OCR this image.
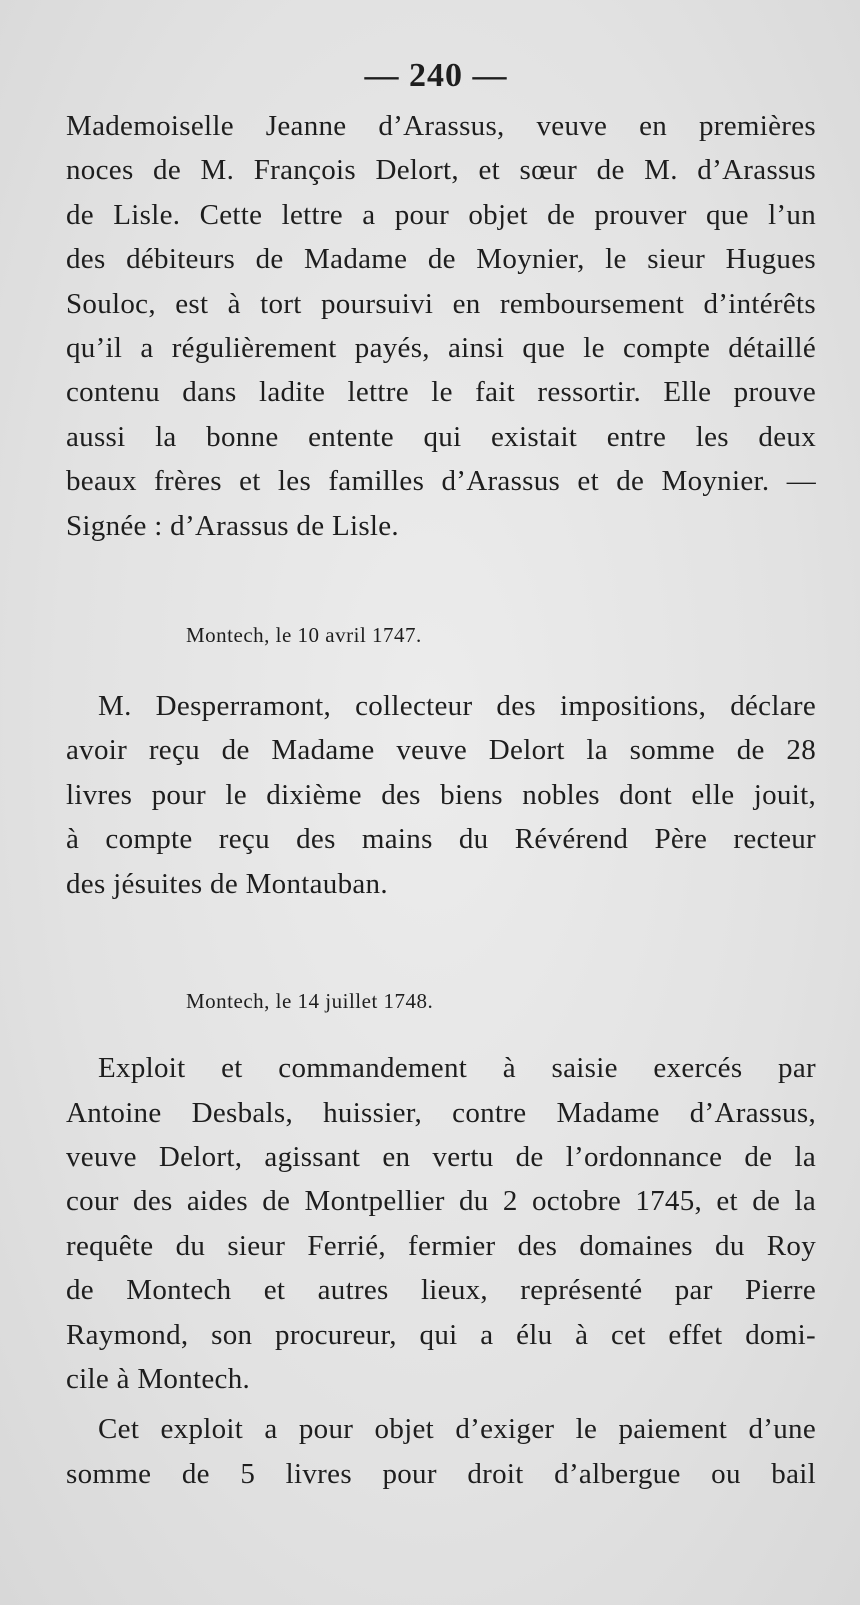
— 240 —

Mademoiselle Jeanne d’Arassus, veuve en premières
noces de M. François Delort, et sœur de M. d’Arassus
de Lisle. Cette lettre a pour objet de prouver que l’un
des débiteurs de Madame de Moynier, le sieur Hugues
Souloc, est à tort poursuivi en remboursement d’intérêts
qu’il a régulièrement payés, ainsi que le compte détaillé
contenu dans ladite lettre le fait ressortir. Elle prouve
aussi la bonne entente qui existait entre les deux
beaux frères et les familles d’Arassus et de Moynier. —
Signée : d’Arassus de Lisle.

Montech, le 10 avril 1747.

M. Desperramont, collecteur des impositions, déclare
avoir reçu de Madame veuve Delort la somme de 28
livres pour le dixième des biens nobles dont elle jouit,
à compte reçu des mains du Révérend Père recteur
des jésuites de Montauban.

Montech, le 14 juillet 1748.

Exploit et commandement à saisie exercés par
Antoine Desbals, huissier, contre Madame d’Arassus,
veuve Delort, agissant en vertu de l’ordonnance de la
cour des aides de Montpellier du 2 octobre 1745, et de la
requête du sieur Ferrié, fermier des domaines du Roy
de Montech et autres lieux, représenté par Pierre
Raymond, son procureur, qui a élu à cet effet domi-
cile à Montech.

Cet exploit a pour objet d’exiger le paiement d’une
somme de 5 livres pour droit d’albergue ou bail
